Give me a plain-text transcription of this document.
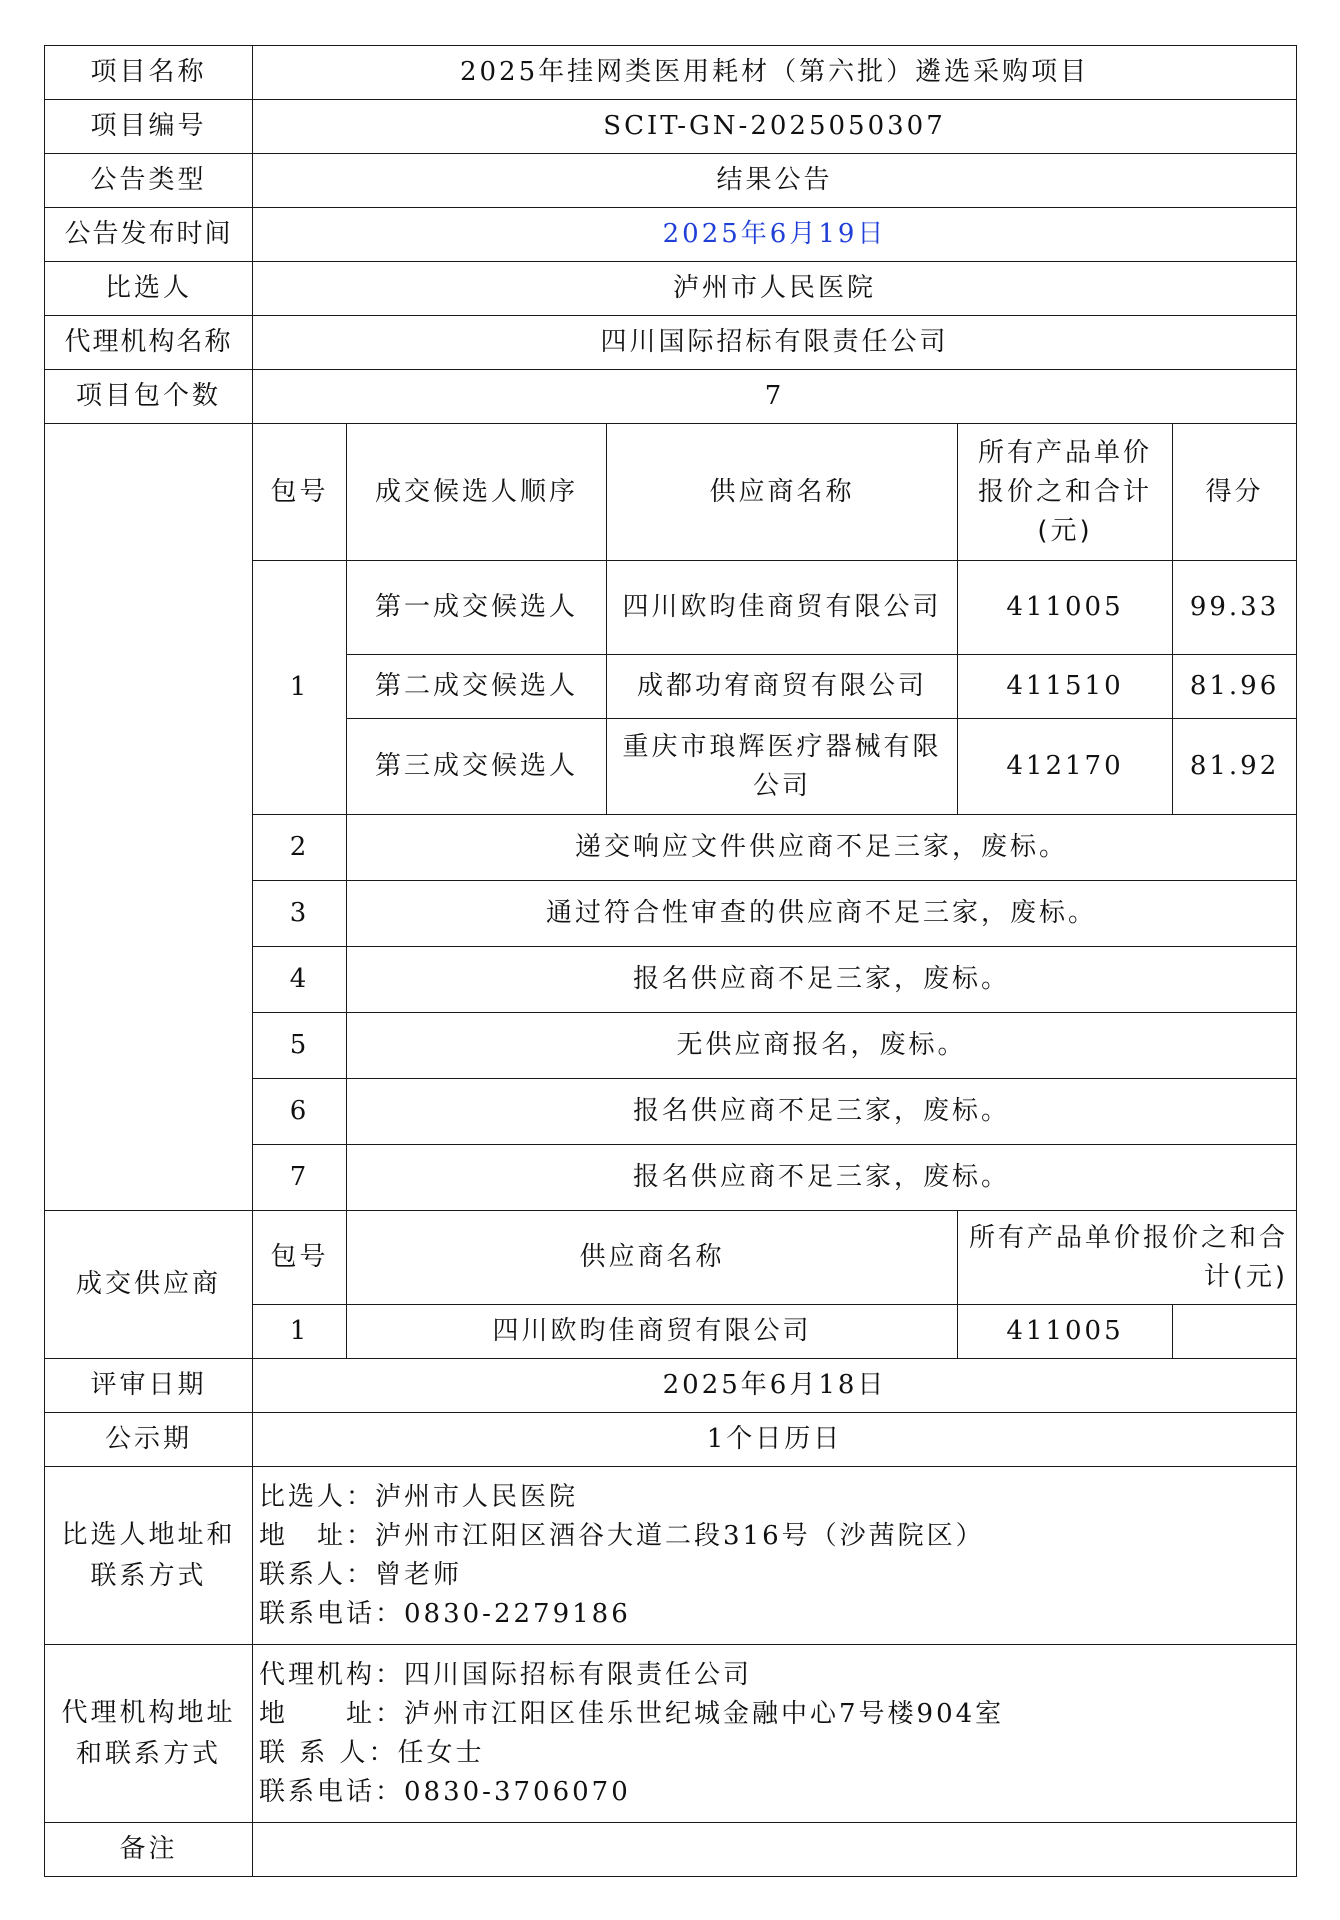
项目名称	2025年挂网类医用耗材（第六批）遴选采购项目				
项目编号	SCIT-GN-2025050307				
公告类型	结果公告				
公告发布时间	2025年6月19日				
比选人	泸州市人民医院				
代理机构名称	四川国际招标有限责任公司				
项目包个数	7				
	包号	成交候选人顺序	供应商名称	所有产品单价报价之和合计(元)	得分
	1	第一成交候选人	四川欧昀佳商贸有限公司	411005	99.33
		第二成交候选人	成都功宥商贸有限公司	411510	81.96
		第三成交候选人	重庆市琅辉医疗器械有限公司	412170	81.92
	2	递交响应文件供应商不足三家，废标。			
	3	通过符合性审查的供应商不足三家，废标。			
	4	报名供应商不足三家，废标。			
	5	无供应商报名，废标。			
	6	报名供应商不足三家，废标。			
	7	报名供应商不足三家，废标。			
成交供应商	包号	供应商名称		所有产品单价报价之和合计(元)	
	1	四川欧昀佳商贸有限公司		411005	
评审日期	2025年6月18日				
公示期	1个日历日				
比选人地址和联系方式	比选人：泸州市人民医院
地　址：泸州市江阳区酒谷大道二段316号（沙茜院区）
联系人：曾老师
联系电话：0830-2279186				

代理机构地址和联系方式	代理机构：四川国际招标有限责任公司
地　　址：泸州市江阳区佳乐世纪城金融中心7号楼904室
联 系 人：任女士
联系电话：0830-3706070				

备注					
